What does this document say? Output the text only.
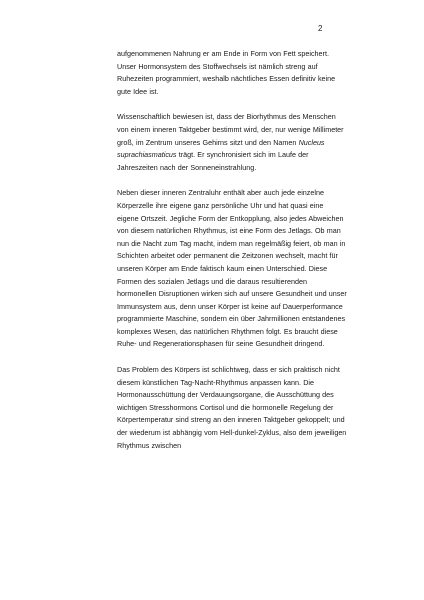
2

aufgenommenen Nahrung er am Ende in Form von Fett speichert. Unser Hormonsystem des Stoffwechsels ist nämlich streng auf Ruhezeiten programmiert, weshalb nächtliches Essen definitiv keine gute Idee ist.

Wissenschaftlich bewiesen ist, dass der Biorhythmus des Menschen von einem inneren Taktgeber bestimmt wird, der, nur wenige Millimeter groß, im Zentrum unseres Gehirns sitzt und den Namen Nucleus suprachiasmaticus trägt. Er synchronisiert sich im Laufe der Jahreszeiten nach der Sonneneinstrahlung.

Neben dieser inneren Zentraluhr enthält aber auch jede einzelne Körperzelle ihre eigene ganz persönliche Uhr und hat quasi eine eigene Ortszeit. Jegliche Form der Entkopplung, also jedes Abweichen von diesem natürlichen Rhythmus, ist eine Form des Jetlags. Ob man nun die Nacht zum Tag macht, indem man regelmäßig feiert, ob man in Schichten arbeitet oder permanent die Zeitzonen wechselt, macht für unseren Körper am Ende faktisch kaum einen Unterschied. Diese Formen des sozialen Jetlags und die daraus resultierenden hormonellen Disruptionen wirken sich auf unsere Gesundheit und unser Immunsystem aus, denn unser Körper ist keine auf Dauerperformance programmierte Maschine, sondern ein über Jahrmillionen entstandenes komplexes Wesen, das natürlichen Rhythmen folgt. Es braucht diese Ruhe- und Regenerationsphasen für seine Gesundheit dringend.

Das Problem des Körpers ist schlichtweg, dass er sich praktisch nicht diesem künstlichen Tag-Nacht-Rhythmus anpassen kann. Die Hormonausschüttung der Verdauungsorgane, die Ausschüttung des wichtigen Stresshormons Cortisol und die hormonelle Regelung der Körpertemperatur sind streng an den inneren Taktgeber gekoppelt; und der wiederum ist abhängig vom Hell-dunkel-Zyklus, also dem jeweiligen Rhythmus zwischen
